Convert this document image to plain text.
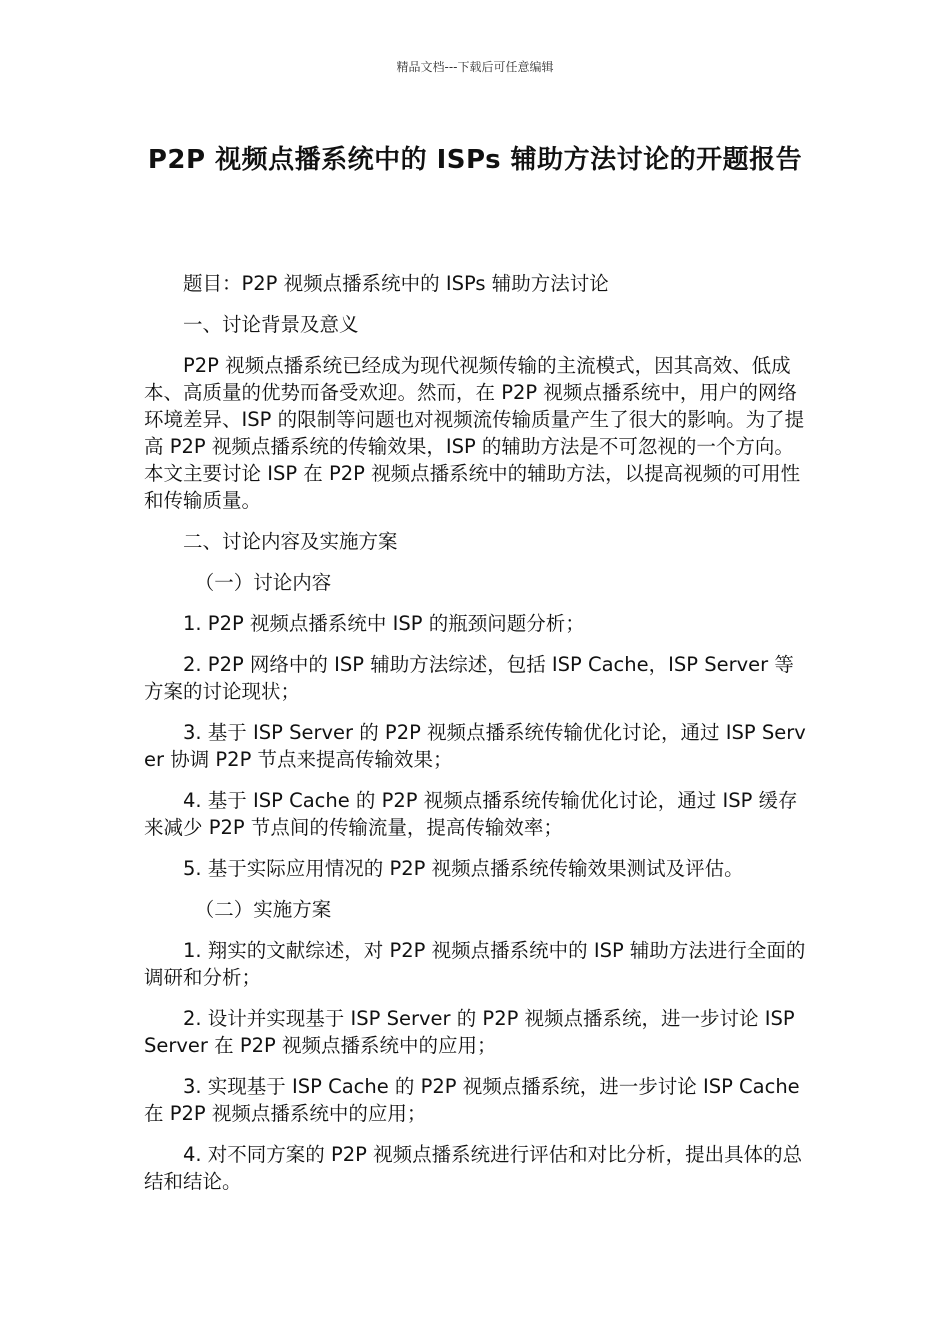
精品文档---下载后可任意编辑
P2P 视频点播系统中的 ISPs 辅助方法讨论的开题报告

题目：P2P 视频点播系统中的 ISPs 辅助方法讨论

一、讨论背景及意义

P2P 视频点播系统已经成为现代视频传输的主流模式，因其高效、低成本、高质量的优势而备受欢迎。然而，在 P2P 视频点播系统中，用户的网络环境差异、ISP 的限制等问题也对视频流传输质量产生了很大的影响。为了提高 P2P 视频点播系统的传输效果，ISP 的辅助方法是不可忽视的一个方向。本文主要讨论 ISP 在 P2P 视频点播系统中的辅助方法，以提高视频的可用性和传输质量。

二、讨论内容及实施方案

（一）讨论内容

1. P2P 视频点播系统中 ISP 的瓶颈问题分析；

2. P2P 网络中的 ISP 辅助方法综述，包括 ISP Cache，ISP Server 等方案的讨论现状；

3. 基于 ISP Server 的 P2P 视频点播系统传输优化讨论，通过 ISP Server 协调 P2P 节点来提高传输效果；

4. 基于 ISP Cache 的 P2P 视频点播系统传输优化讨论，通过 ISP 缓存来减少 P2P 节点间的传输流量，提高传输效率；

5. 基于实际应用情况的 P2P 视频点播系统传输效果测试及评估。

（二）实施方案

1. 翔实的文献综述，对 P2P 视频点播系统中的 ISP 辅助方法进行全面的调研和分析；

2. 设计并实现基于 ISP Server 的 P2P 视频点播系统，进一步讨论 ISP Server 在 P2P 视频点播系统中的应用；

3. 实现基于 ISP Cache 的 P2P 视频点播系统，进一步讨论 ISP Cache 在 P2P 视频点播系统中的应用；

4. 对不同方案的 P2P 视频点播系统进行评估和对比分析，提出具体的总结和结论。
